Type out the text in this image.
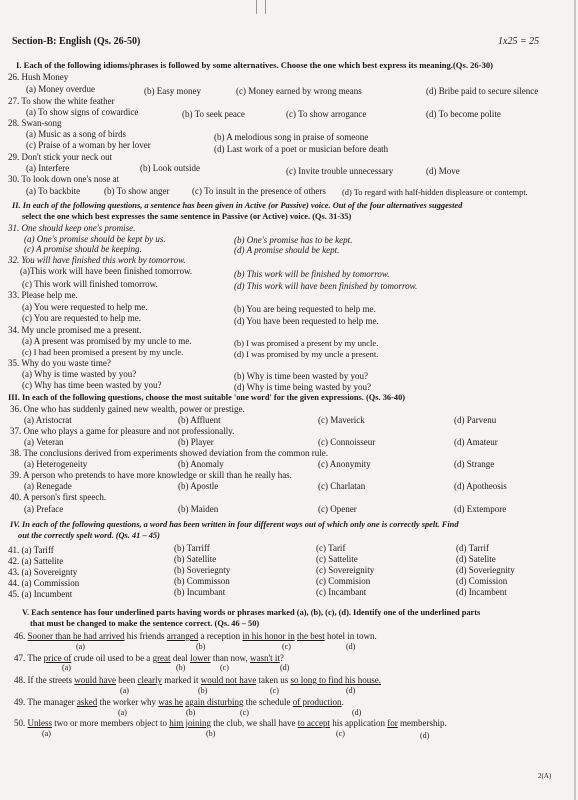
Section-B: English (Qs. 26-50)	1x25 = 25
I. Each of the following idioms/phrases is followed by some alternatives. Choose the one which best express its meaning.(Qs. 26-30)
26. Hush Money
(a) Money overdue	(b) Easy money	(c) Money earned by wrong means	(d) Bribe paid to secure silence
27. To show the white feather
(a) To show signs of cowardice	(b) To seek peace	(c) To show arrogance	(d) To become polite
28. Swan-song
(a) Music as a song of birds	(b) A melodious song in praise of someone
(c) Praise of a woman by her lover	(d) Last work of a poet or musician before death
29. Don't stick your neck out
(a) Interfere	(b) Look outside	(c) Invite trouble unnecessary	(d) Move
30. To look down one's nose at
(a) To backbite	(b) To show anger	(c) To insult in the presence of others (d) To regard with half-hidden displeasure or contempt.
II. In each of the following questions, a sentence has been given in Active (or Passive) voice. Out of the four alternatives suggested
select the one which best expresses the same sentence in Passive (or Active) voice. (Qs. 31-35)
31. One should keep one's promise.
(a) One's promise should be kept by us.	(b) One's promise has to be kept.
(c) A promise should be keeping.	(d) A promise should be kept.
32. You will have finished this work by tomorrow.
(a)This work will have been finished tomorrow.	(b) This work will be finished by tomorrow.
(c) This work will finished tomorrow.	(d) This work will have been finished by tomorrow.
33. Please help me.
(a) You were requested to help me.	(b) You are being requested to help me.
(c) You are requested to help me.	(d) You have been requested to help me.
34. My uncle promised me a present.
(a) A present was promised by my uncle to me.	(b) I was promised a present by my uncle.
(c) I had been promised a present by my uncle.	(d) I was promised by my uncle a present.
35. Why do you waste time?
(a) Why is time wasted by you?	(b) Why is time been wasted by you?
(c) Why has time been wasted by you?	(d) Why is time being wasted by you?
III. In each of the following questions, choose the most suitable 'one word' for the given expressions. (Qs. 36-40)
36. One who has suddenly gained new wealth, power or prestige.
(a) Aristocrat	(b) Affluent	(c) Maverick	(d) Parvenu
37. One who plays a game for pleasure and not professionally.
(a) Veteran	(b) Player	(c) Connoisseur	(d) Amateur
38. The conclusions derived from experiments showed deviation from the common rule.
(a) Heterogeneity	(b) Anomaly	(c) Anonymity	(d) Strange
39. A person who pretends to have more knowledge or skill than he really has.
(a) Renegade	(b) Apostle	(c) Charlatan	(d) Apotheosis
40. A person's first speech.
(a) Preface	(b) Maiden	(c) Opener	(d) Extempore
IV. In each of the following questions, a word has been written in four different ways out of which only one is correctly spelt. Find
out the correctly spelt word. (Qs. 41 – 45)
41. (a) Tariff	(b) Tarriff	(c) Tarif	(d) Tarrif
42. (a) Sattelite	(b) Satellite	(c) Sattelite	(d) Satelite
43. (a) Sovereignty	(b) Soveriegnty	(c) Sovereignity	(d) Soveriegnity
44. (a) Commission	(b) Commisson	(c) Commision	(d) Comission
45. (a) Incumbent	(b) Incumbant	(c) Incambant	(d) Incambent
V. Each sentence has four underlined parts having words or phrases marked (a), (b), (c), (d). Identify one of the underlined parts
that must be changed to make the sentence correct. (Qs. 46 – 50)
46. Sooner than he had arrived his friends arranged a reception in his honor in the best hotel in town.
(a)	(b)	(c)	(d)
47. The price of crude oil used to be a great deal lower than now, wasn't it?
(a)	(b)	(c)	(d)
48. If the streets would have been clearly marked it would not have taken us so long to find his house.
(a)	(b)	(c)	(d)
49. The manager asked the worker why was he again disturbing the schedule of production.
(a)	(b)	(c)	(d)
50. Unless two or more members object to him joining the club, we shall have to accept his application for membership.
(a)	(b)	(c)	(d)
2(A)
